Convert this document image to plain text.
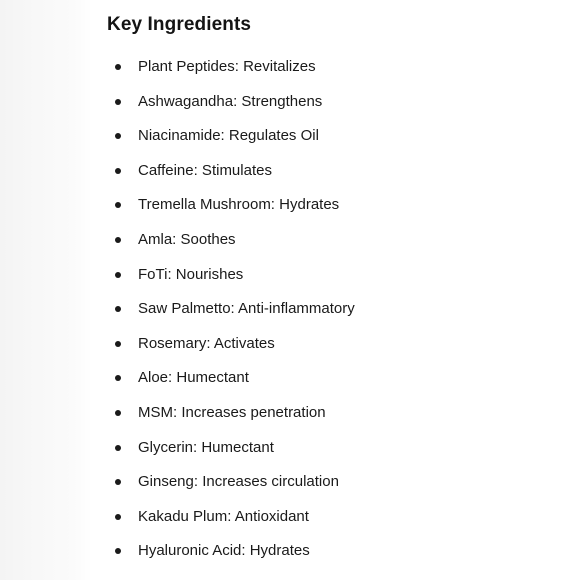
Key Ingredients
Plant Peptides: Revitalizes
Ashwagandha: Strengthens
Niacinamide: Regulates Oil
Caffeine: Stimulates
Tremella Mushroom: Hydrates
Amla: Soothes
FoTi: Nourishes
Saw Palmetto: Anti-inflammatory
Rosemary: Activates
Aloe: Humectant
MSM: Increases penetration
Glycerin: Humectant
Ginseng: Increases circulation
Kakadu Plum: Antioxidant
Hyaluronic Acid: Hydrates
